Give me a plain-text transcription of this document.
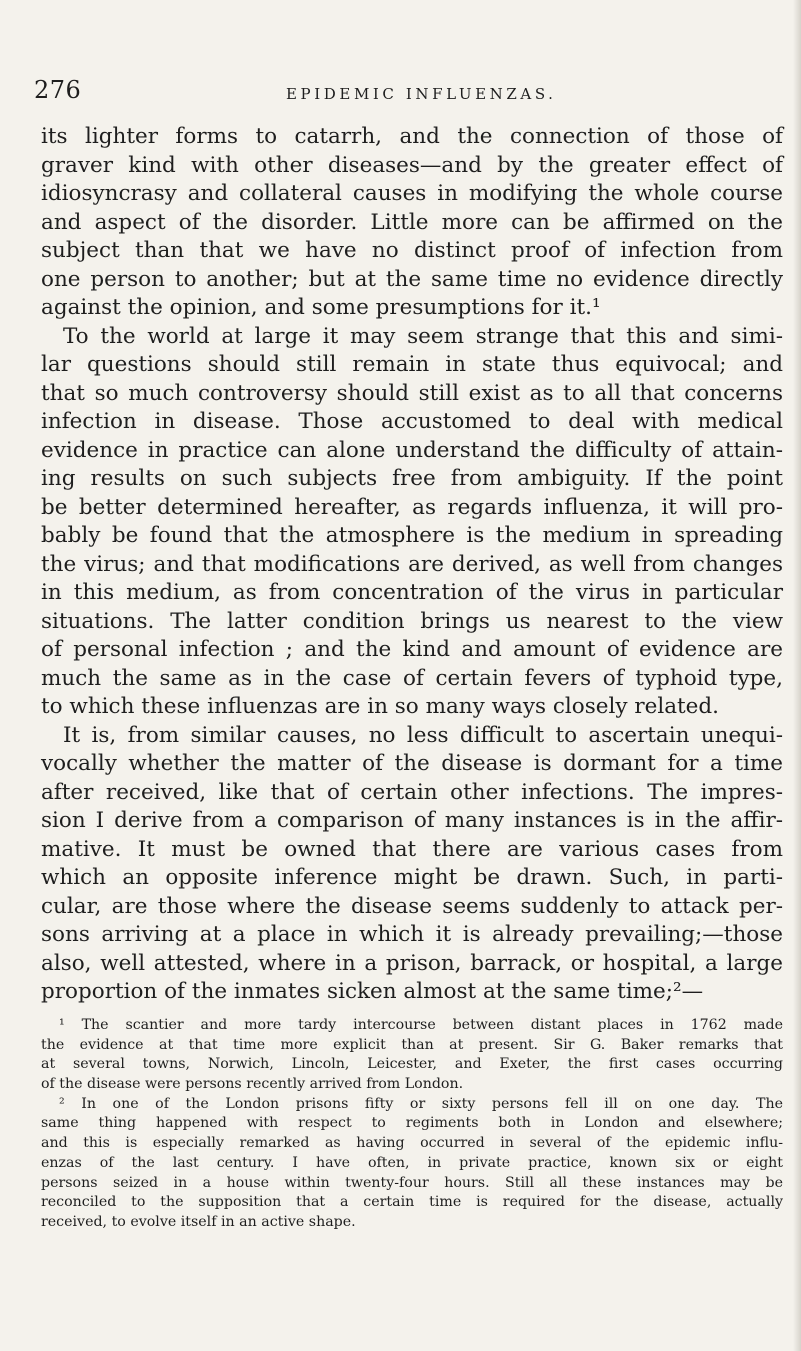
276	EPIDEMIC INFLUENZAS.
its lighter forms to catarrh, and the connection of those of
graver kind with other diseases—and by the greater effect of
idiosyncrasy and collateral causes in modifying the whole course
and aspect of the disorder. Little more can be affirmed on the
subject than that we have no distinct proof of infection from
one person to another; but at the same time no evidence directly
against the opinion, and some presumptions for it.¹
To the world at large it may seem strange that this and simi-
lar questions should still remain in state thus equivocal; and
that so much controversy should still exist as to all that concerns
infection in disease. Those accustomed to deal with medical
evidence in practice can alone understand the difficulty of attain-
ing results on such subjects free from ambiguity. If the point
be better determined hereafter, as regards influenza, it will pro-
bably be found that the atmosphere is the medium in spreading
the virus; and that modifications are derived, as well from changes
in this medium, as from concentration of the virus in particular
situations. The latter condition brings us nearest to the view
of personal infection ; and the kind and amount of evidence are
much the same as in the case of certain fevers of typhoid type,
to which these influenzas are in so many ways closely related.
It is, from similar causes, no less difficult to ascertain unequi-
vocally whether the matter of the disease is dormant for a time
after received, like that of certain other infections. The impres-
sion I derive from a comparison of many instances is in the affir-
mative. It must be owned that there are various cases from
which an opposite inference might be drawn. Such, in parti-
cular, are those where the disease seems suddenly to attack per-
sons arriving at a place in which it is already prevailing;—those
also, well attested, where in a prison, barrack, or hospital, a large
proportion of the inmates sicken almost at the same time;²—
¹ The scantier and more tardy intercourse between distant places in 1762 made
the evidence at that time more explicit than at present. Sir G. Baker remarks that
at several towns, Norwich, Lincoln, Leicester, and Exeter, the first cases occurring
of the disease were persons recently arrived from London.
² In one of the London prisons fifty or sixty persons fell ill on one day. The
same thing happened with respect to regiments both in London and elsewhere;
and this is especially remarked as having occurred in several of the epidemic influ-
enzas of the last century. I have often, in private practice, known six or eight
persons seized in a house within twenty-four hours. Still all these instances may be
reconciled to the supposition that a certain time is required for the disease, actually
received, to evolve itself in an active shape.
